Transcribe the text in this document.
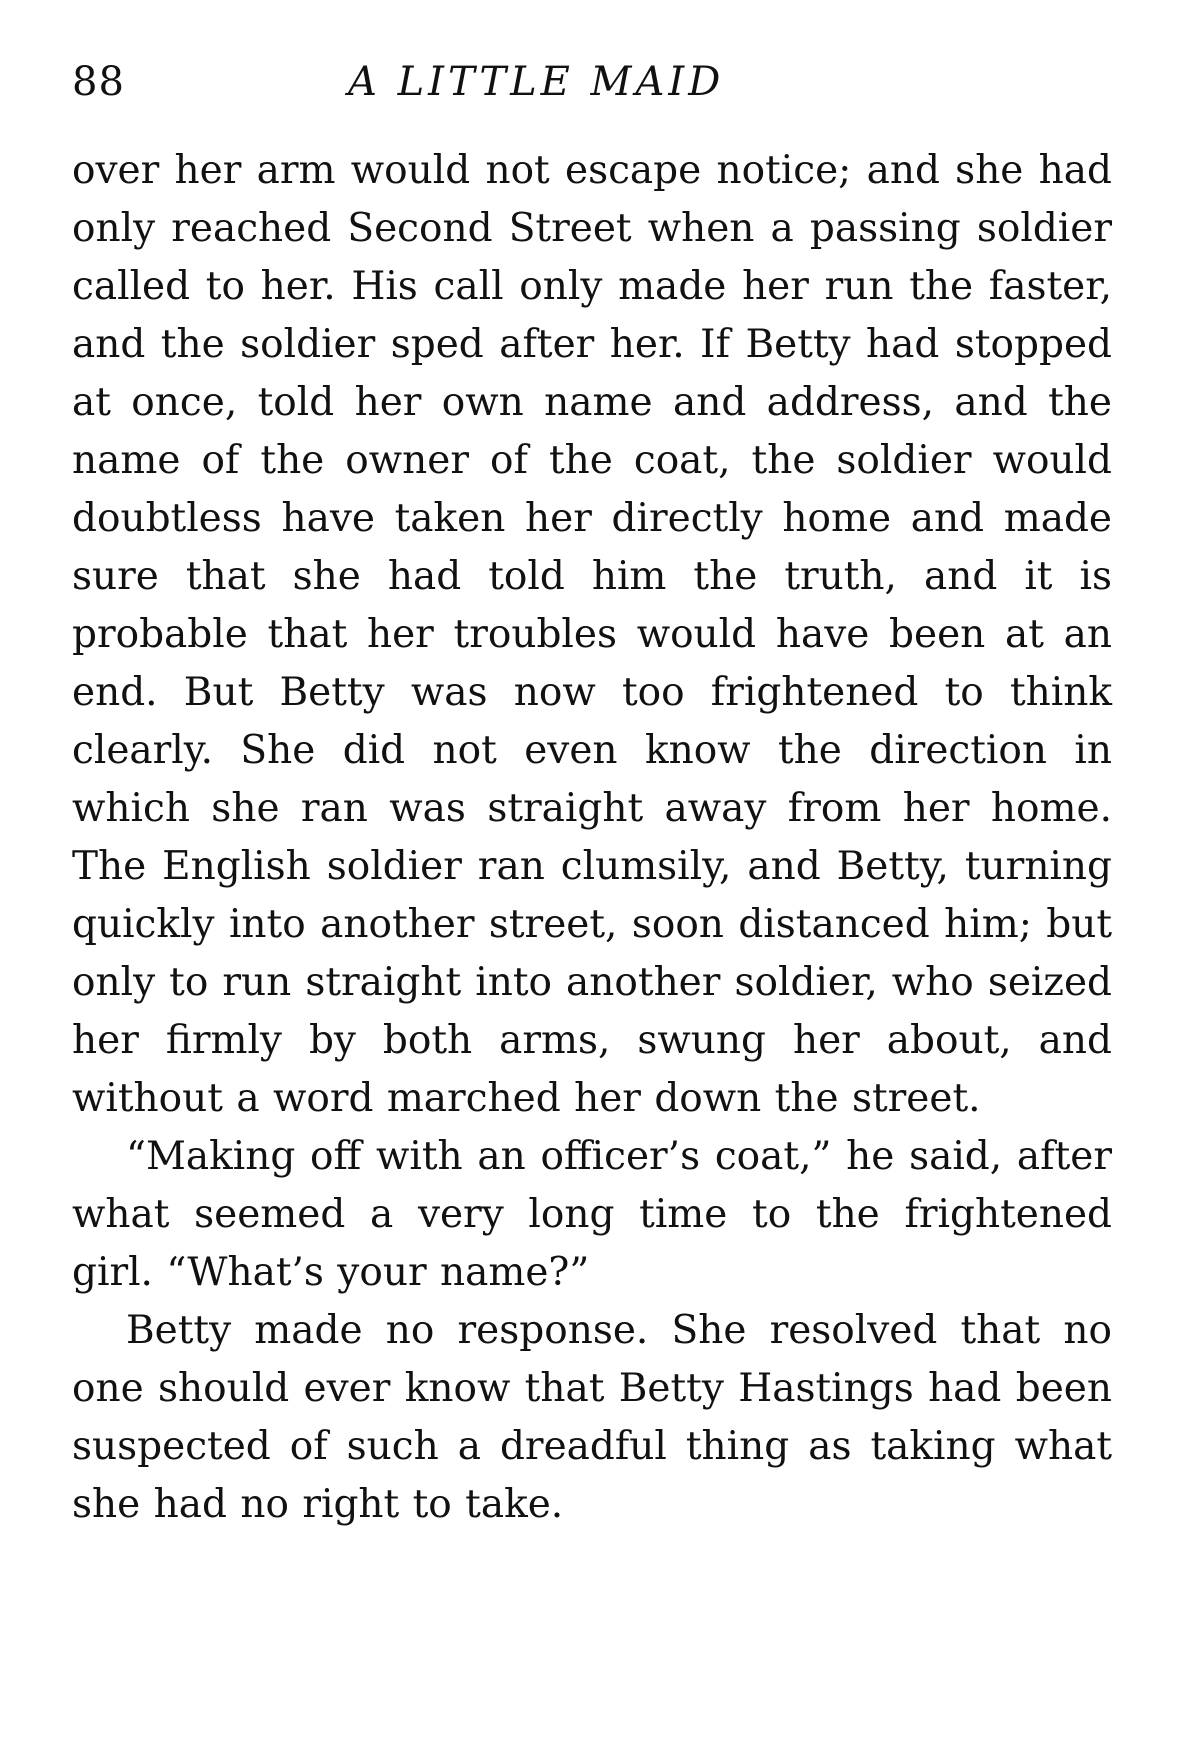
88	A LITTLE MAID

over her arm would not escape notice; and she had only reached Second Street when a passing soldier called to her. His call only made her run the faster, and the soldier sped after her. If Betty had stopped at once, told her own name and address, and the name of the owner of the coat, the soldier would doubtless have taken her directly home and made sure that she had told him the truth, and it is probable that her troubles would have been at an end. But Betty was now too frightened to think clearly. She did not even know the direction in which she ran was straight away from her home. The English soldier ran clumsily, and Betty, turning quickly into another street, soon distanced him; but only to run straight into another soldier, who seized her firmly by both arms, swung her about, and without a word marched her down the street.

“Making off with an officer’s coat,” he said, after what seemed a very long time to the frightened girl. “What’s your name?”

Betty made no response. She resolved that no one should ever know that Betty Hastings had been suspected of such a dreadful thing as taking what she had no right to take.
